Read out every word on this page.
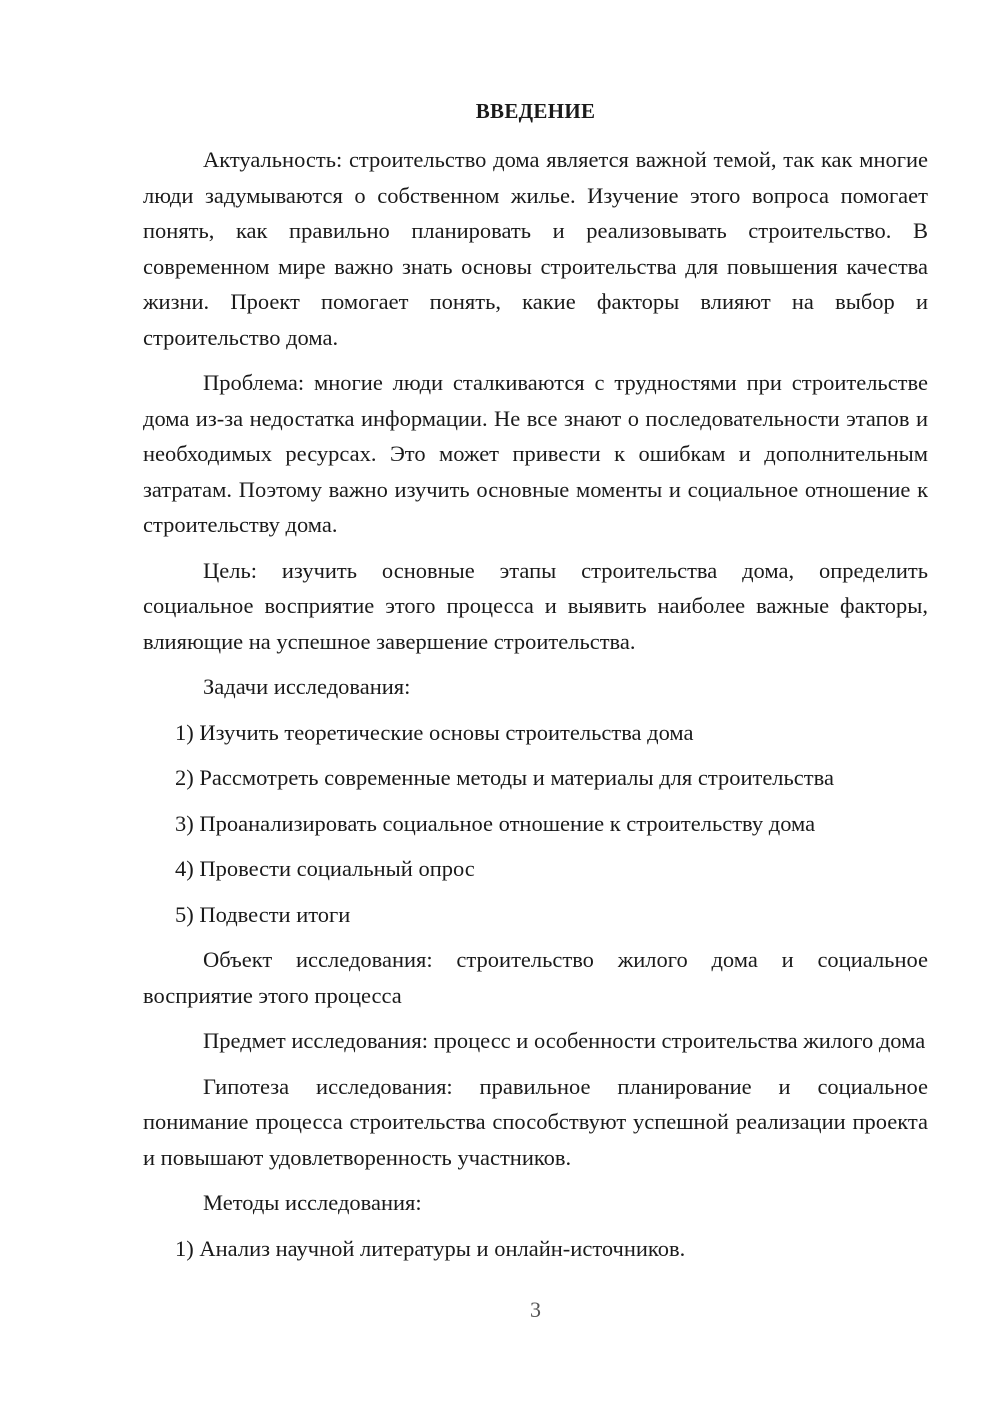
ВВЕДЕНИЕ

Актуальность: строительство дома является важной темой, так как многие люди задумываются о собственном жилье. Изучение этого вопроса помогает понять, как правильно планировать и реализовывать строительство. В современном мире важно знать основы строительства для повышения качества жизни. Проект помогает понять, какие факторы влияют на выбор и строительство дома.

Проблема: многие люди сталкиваются с трудностями при строительстве дома из-за недостатка информации. Не все знают о последовательности этапов и необходимых ресурсах. Это может привести к ошибкам и дополнительным затратам. Поэтому важно изучить основные моменты и социальное отношение к строительству дома.

Цель: изучить основные этапы строительства дома, определить социальное восприятие этого процесса и выявить наиболее важные факторы, влияющие на успешное завершение строительства.

Задачи исследования:

1) Изучить теоретические основы строительства дома

2) Рассмотреть современные методы и материалы для строительства

3) Проанализировать социальное отношение к строительству дома

4) Провести социальный опрос

5) Подвести итоги

Объект исследования: строительство жилого дома и социальное восприятие этого процесса

Предмет исследования: процесс и особенности строительства жилого дома

Гипотеза исследования: правильное планирование и социальное понимание процесса строительства способствуют успешной реализации проекта и повышают удовлетворенность участников.

Методы исследования:

1) Анализ научной литературы и онлайн-источников.

3
